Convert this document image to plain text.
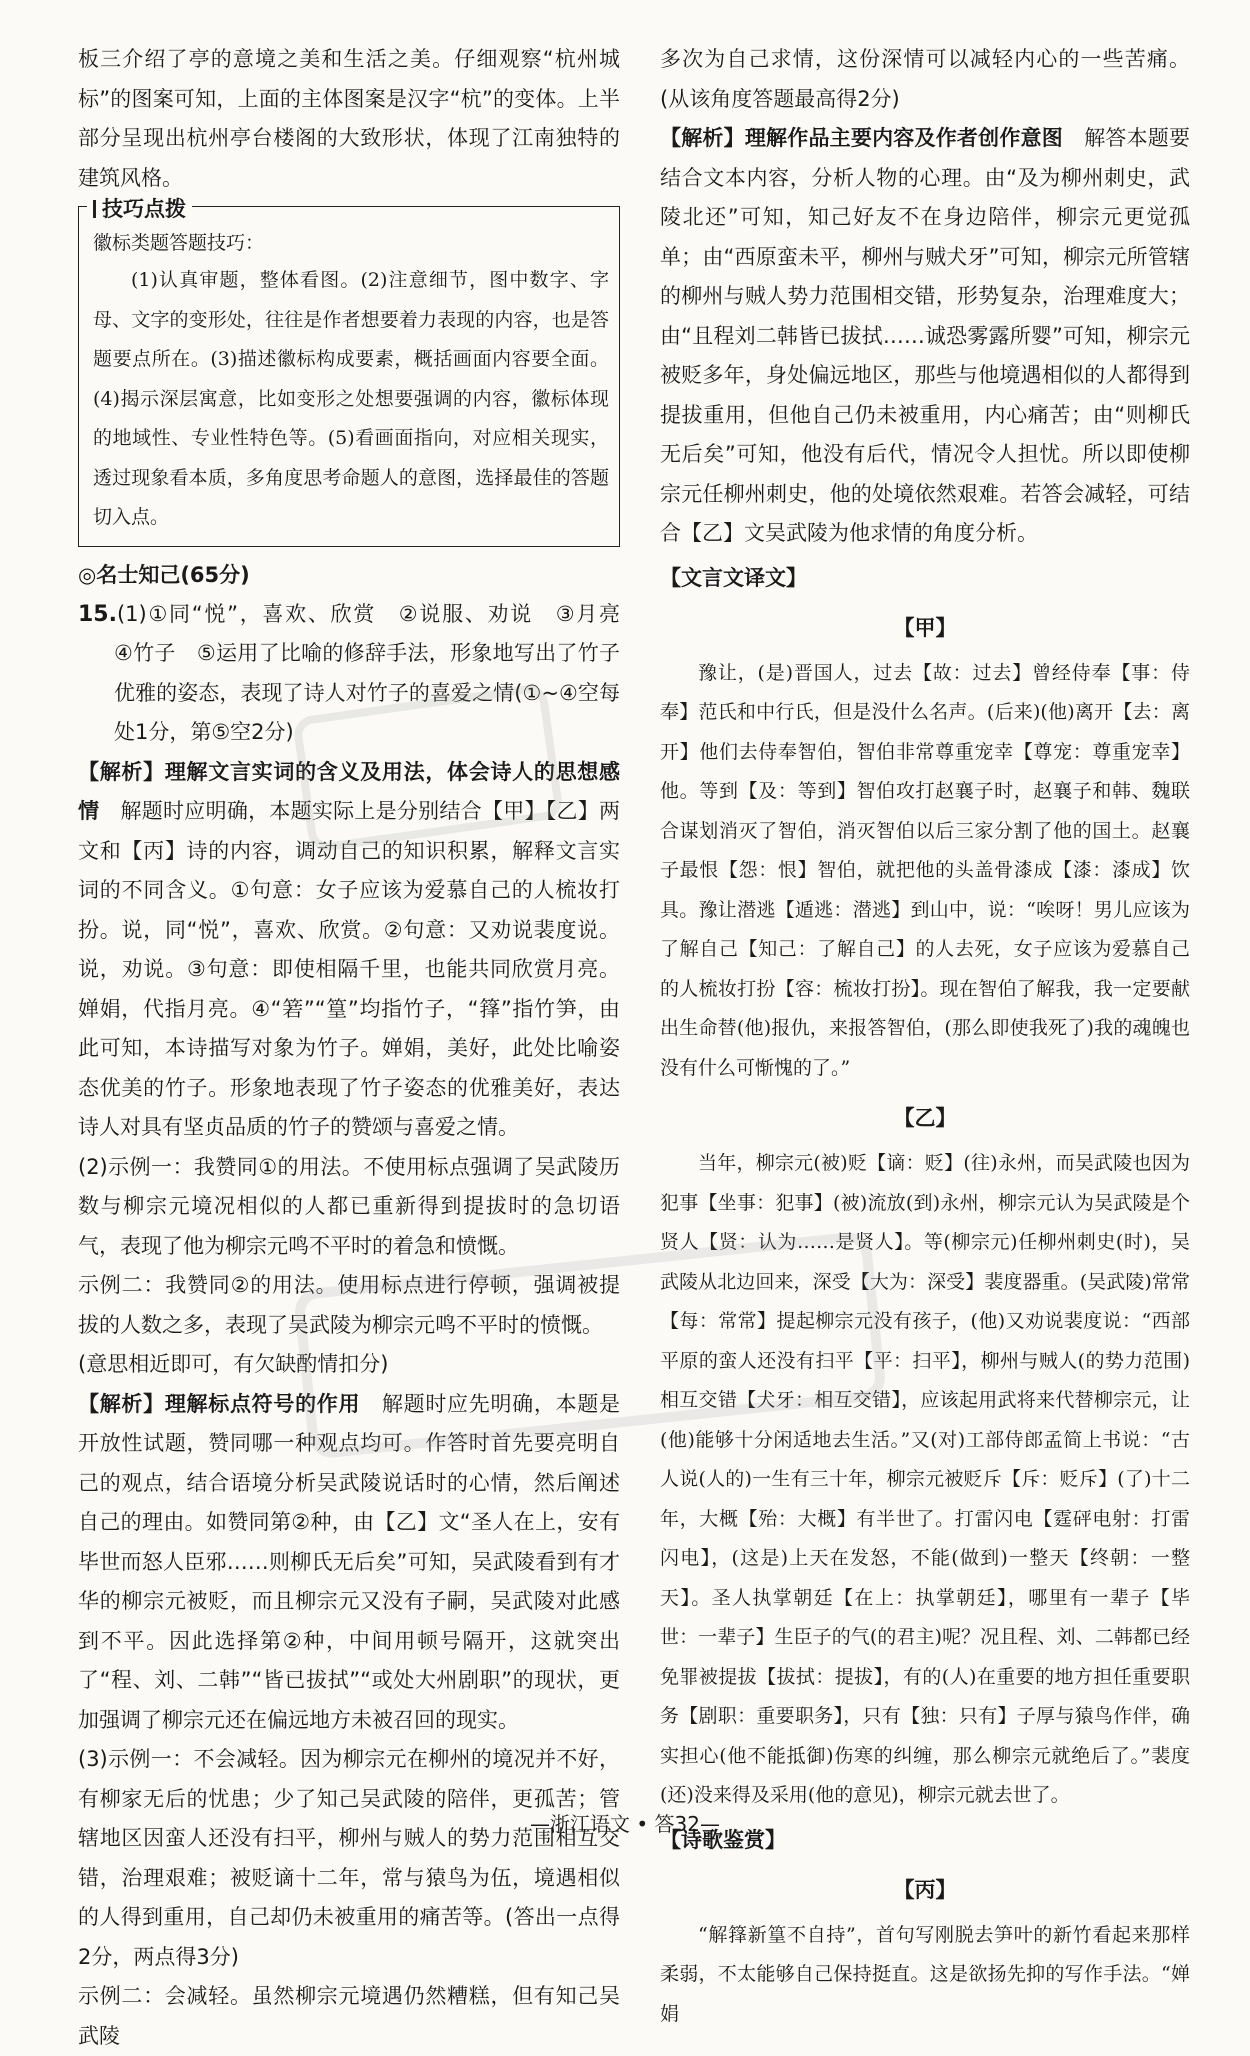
板三介绍了亭的意境之美和生活之美。仔细观察“杭州城标”的图案可知，上面的主体图案是汉字“杭”的变体。上半部分呈现出杭州亭台楼阁的大致形状，体现了江南独特的建筑风格。

技巧点拨

徽标类题答题技巧：

(1)认真审题，整体看图。(2)注意细节，图中数字、字母、文字的变形处，往往是作者想要着力表现的内容，也是答题要点所在。(3)描述徽标构成要素，概括画面内容要全面。(4)揭示深层寓意，比如变形之处想要强调的内容，徽标体现的地域性、专业性特色等。(5)看画面指向，对应相关现实，透过现象看本质，多角度思考命题人的意图，选择最佳的答题切入点。

◎名士知己(65分)

15.(1)①同“悦”，喜欢、欣赏　②说服、劝说　③月亮　④竹子　⑤运用了比喻的修辞手法，形象地写出了竹子优雅的姿态，表现了诗人对竹子的喜爱之情(①~④空每处1分，第⑤空2分)

【解析】理解文言实词的含义及用法，体会诗人的思想感情　 解题时应明确，本题实际上是分别结合【甲】【乙】两文和【丙】诗的内容，调动自己的知识积累，解释文言实词的不同含义。①句意：女子应该为爱慕自己的人梳妆打扮。说，同“悦”，喜欢、欣赏。②句意：又劝说裴度说。说，劝说。③句意：即使相隔千里，也能共同欣赏月亮。婵娟，代指月亮。④“箬”“篁”均指竹子，“箨”指竹笋，由此可知，本诗描写对象为竹子。婵娟，美好，此处比喻姿态优美的竹子。形象地表现了竹子姿态的优雅美好，表达诗人对具有坚贞品质的竹子的赞颂与喜爱之情。

(2)示例一：我赞同①的用法。不使用标点强调了吴武陵历数与柳宗元境况相似的人都已重新得到提拔时的急切语气，表现了他为柳宗元鸣不平时的着急和愤慨。

示例二：我赞同②的用法。使用标点进行停顿，强调被提拔的人数之多，表现了吴武陵为柳宗元鸣不平时的愤慨。

(意思相近即可，有欠缺酌情扣分)

【解析】理解标点符号的作用　 解题时应先明确，本题是开放性试题，赞同哪一种观点均可。作答时首先要亮明自己的观点，结合语境分析吴武陵说话时的心情，然后阐述自己的理由。如赞同第②种，由【乙】文“圣人在上，安有毕世而怒人臣邪……则柳氏无后矣”可知，吴武陵看到有才华的柳宗元被贬，而且柳宗元又没有子嗣，吴武陵对此感到不平。因此选择第②种，中间用顿号隔开，这就突出了“程、刘、二韩”“皆已拔拭”“或处大州剧职”的现状，更加强调了柳宗元还在偏远地方未被召回的现实。

(3)示例一：不会减轻。因为柳宗元在柳州的境况并不好，有柳家无后的忧患；少了知己吴武陵的陪伴，更孤苦；管辖地区因蛮人还没有扫平，柳州与贼人的势力范围相互交错，治理艰难；被贬谪十二年，常与猿鸟为伍，境遇相似的人得到重用，自己却仍未被重用的痛苦等。(答出一点得2分，两点得3分)

示例二：会减轻。虽然柳宗元境遇仍然糟糕，但有知己吴武陵

多次为自己求情，这份深情可以减轻内心的一些苦痛。(从该角度答题最高得2分)

【解析】理解作品主要内容及作者创作意图　 解答本题要结合文本内容，分析人物的心理。由“及为柳州刺史，武陵北还”可知，知己好友不在身边陪伴，柳宗元更觉孤单；由“西原蛮未平，柳州与贼犬牙”可知，柳宗元所管辖的柳州与贼人势力范围相交错，形势复杂，治理难度大；由“且程刘二韩皆已拔拭……诚恐雾露所婴”可知，柳宗元被贬多年，身处偏远地区，那些与他境遇相似的人都得到提拔重用，但他自己仍未被重用，内心痛苦；由“则柳氏无后矣”可知，他没有后代，情况令人担忧。所以即使柳宗元任柳州刺史，他的处境依然艰难。若答会减轻，可结合【乙】文吴武陵为他求情的角度分析。

【文言文译文】

【甲】

豫让，(是)晋国人，过去【故：过去】曾经侍奉【事：侍奉】范氏和中行氏，但是没什么名声。(后来)(他)离开【去：离开】他们去侍奉智伯，智伯非常尊重宠幸【尊宠：尊重宠幸】他。等到【及：等到】智伯攻打赵襄子时，赵襄子和韩、魏联合谋划消灭了智伯，消灭智伯以后三家分割了他的国土。赵襄子最恨【怨：恨】智伯，就把他的头盖骨漆成【漆：漆成】饮具。豫让潜逃【遁逃：潜逃】到山中，说：“唉呀！男儿应该为了解自己【知己：了解自己】的人去死，女子应该为爱慕自己的人梳妆打扮【容：梳妆打扮】。现在智伯了解我，我一定要献出生命替(他)报仇，来报答智伯，(那么即使我死了)我的魂魄也没有什么可惭愧的了。”

【乙】

当年，柳宗元(被)贬【谪：贬】(往)永州，而吴武陵也因为犯事【坐事：犯事】(被)流放(到)永州，柳宗元认为吴武陵是个贤人【贤：认为……是贤人】。等(柳宗元)任柳州刺史(时)，吴武陵从北边回来，深受【大为：深受】裴度器重。(吴武陵)常常【每：常常】提起柳宗元没有孩子，(他)又劝说裴度说：“西部平原的蛮人还没有扫平【平：扫平】，柳州与贼人(的势力范围)相互交错【犬牙：相互交错】，应该起用武将来代替柳宗元，让(他)能够十分闲适地去生活。”又(对)工部侍郎孟简上书说：“古人说(人的)一生有三十年，柳宗元被贬斥【斥：贬斥】(了)十二年，大概【殆：大概】有半世了。打雷闪电【霆砰电射：打雷闪电】，(这是)上天在发怒，不能(做到)一整天【终朝：一整天】。圣人执掌朝廷【在上：执掌朝廷】，哪里有一辈子【毕世：一辈子】生臣子的气(的君主)呢？况且程、刘、二韩都已经免罪被提拔【拔拭：提拔】，有的(人)在重要的地方担任重要职务【剧职：重要职务】，只有【独：只有】子厚与猿鸟作伴，确实担心(他不能抵御)伤寒的纠缠，那么柳宗元就绝后了。”裴度(还)没来得及采用(他的意见)，柳宗元就去世了。

【诗歌鉴赏】

【丙】

“解箨新篁不自持”，首句写刚脱去笋叶的新竹看起来那样柔弱，不太能够自己保持挺直。这是欲扬先抑的写作手法。“婵娟

—浙江语文 • 答32—
